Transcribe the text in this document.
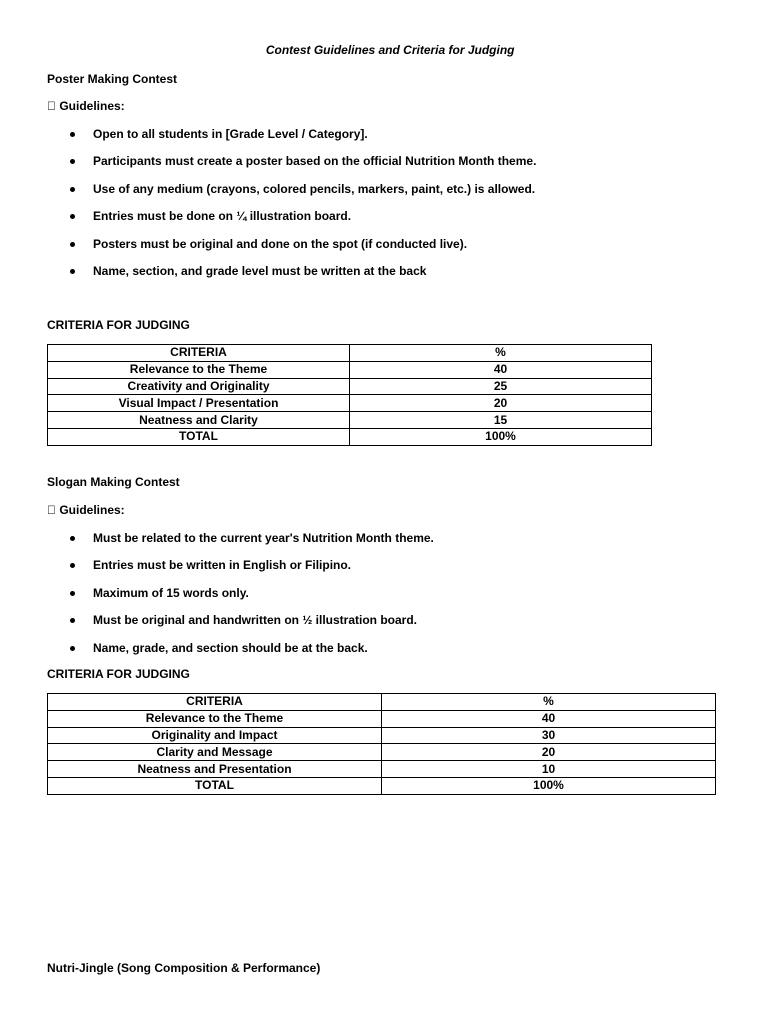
  Contest Guidelines and Criteria for Judging
Poster Making Contest
  Guidelines:
Open to all students in [Grade Level / Category].
Participants must create a poster based on the official Nutrition Month theme.
Use of any medium (crayons, colored pencils, markers, paint, etc.) is allowed.
Entries must be done on ¼ illustration board.
Posters must be original and done on the spot (if conducted live).
Name, section, and grade level must be written at the back
CRITERIA FOR JUDGING
CRITERIA	%
Relevance to the Theme	40
Creativity and Originality	25
Visual Impact / Presentation	20
Neatness and Clarity	15
TOTAL	100%
Slogan Making Contest
  Guidelines:
Must be related to the current year's Nutrition Month theme.
Entries must be written in English or Filipino.
Maximum of 15 words only.
Must be original and handwritten on ½ illustration board.
Name, grade, and section should be at the back.
CRITERIA FOR JUDGING
CRITERIA	%
Relevance to the Theme	40
Originality and Impact	30
Clarity and Message	20
Neatness and Presentation	10
TOTAL	100%
Nutri-Jingle (Song Composition & Performance)
